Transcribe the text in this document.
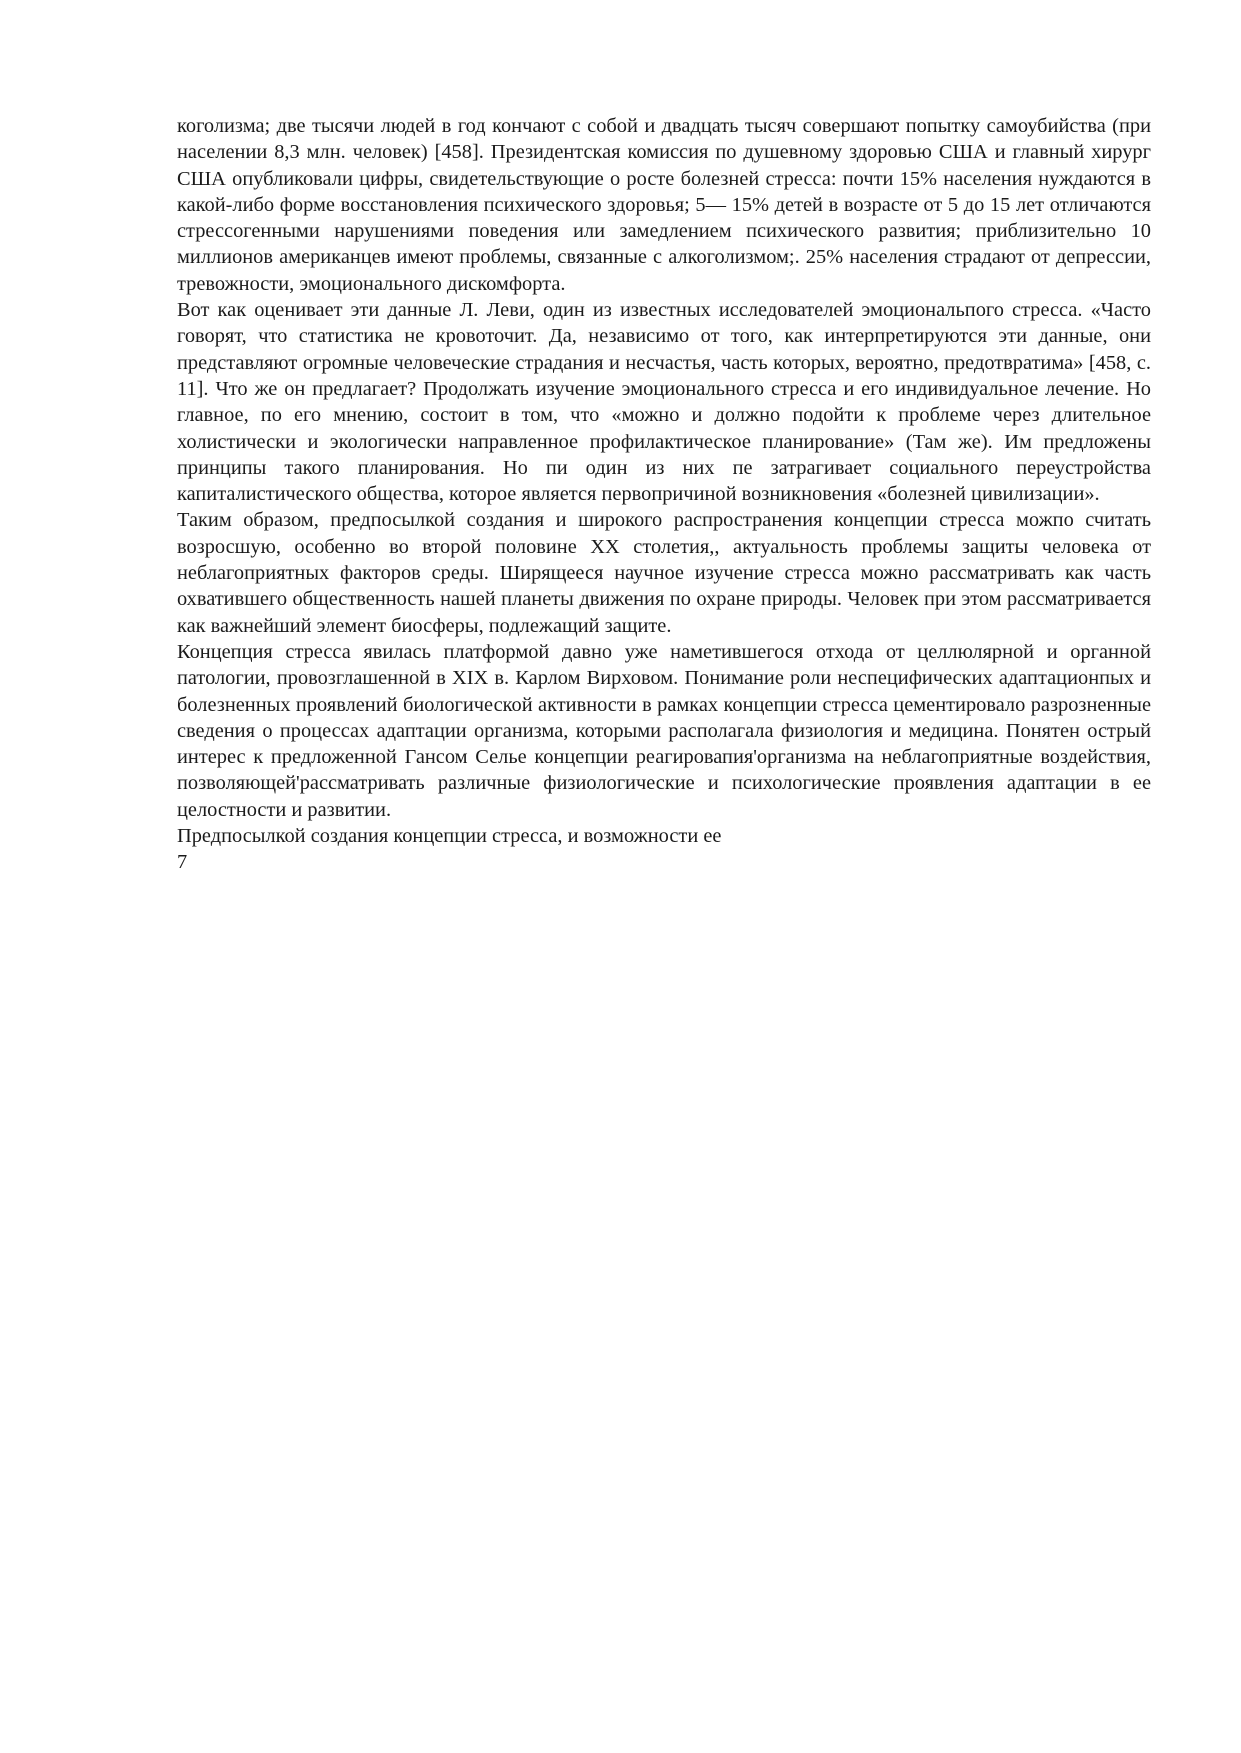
коголизма; две тысячи людей в год кончают с собой и двадцать тысяч совершают попытку самоубийства (при населении 8,3 млн. человек) [458]. Президентская комиссия по душевному здоровью США и главный хирург США опубликовали цифры, свидетельствующие о росте болезней стресса: почти 15% населения нуждаются в какой-либо форме восстановления психического здоровья; 5— 15% детей в возрасте от 5 до 15 лет отличаются стрессогенными нарушениями поведения или замедлением психического развития; приблизительно 10 миллионов американцев имеют проблемы, связанные с алкоголизмом;. 25% населения страдают от депрессии, тревожности, эмоционального дискомфорта.

Вот как оценивает эти данные Л. Леви, один из известных исследователей эмоциональпого стресса. «Часто говорят, что статистика не кровоточит. Да, независимо от того, как интерпретируются эти данные, они представляют огромные человеческие страдания и несчастья, часть которых, вероятно, предотвратима» [458, с. 11]. Что же он предлагает? Продолжать изучение эмоционального стресса и его индивидуальное лечение. Но главное, по его мнению, состоит в том, что «можно и должно подойти к проблеме через длительное холистически и экологически направленное профилактическое планирование» (Там же). Им предложены принципы такого планирования. Но пи один из них пе затрагивает социального переустройства капиталистического общества, которое является первопричиной возникновения «болезней цивилизации».

Таким образом, предпосылкой создания и широкого распространения концепции стресса можпо считать возросшую, особенно во второй половине XX столетия,, актуальность проблемы защиты человека от неблагоприятных факторов среды. Ширящееся научное изучение стресса можно рассматривать как часть охватившего общественность нашей планеты движения по охране природы. Человек при этом рассматривается как важнейший элемент биосферы, подлежащий защите.

Концепция стресса явилась платформой давно уже наметившегося отхода от целлюлярной и органной патологии, провозглашенной в XIX в. Карлом Вирховом. Понимание роли неспецифических адаптационпых и болезненных проявлений биологической активности в рамках концепции стресса цементировало разрозненные сведения о процессах адаптации организма, которыми располагала физиология и медицина. Понятен острый интерес к предложенной Гансом Селье концепции реагировапия'организма на неблагоприятные воздействия, позволяющей'рассматривать различные физиологические и психологические проявления адаптации в ее целостности и развитии.

Предпосылкой создания концепции стресса, и возможности ее

7
